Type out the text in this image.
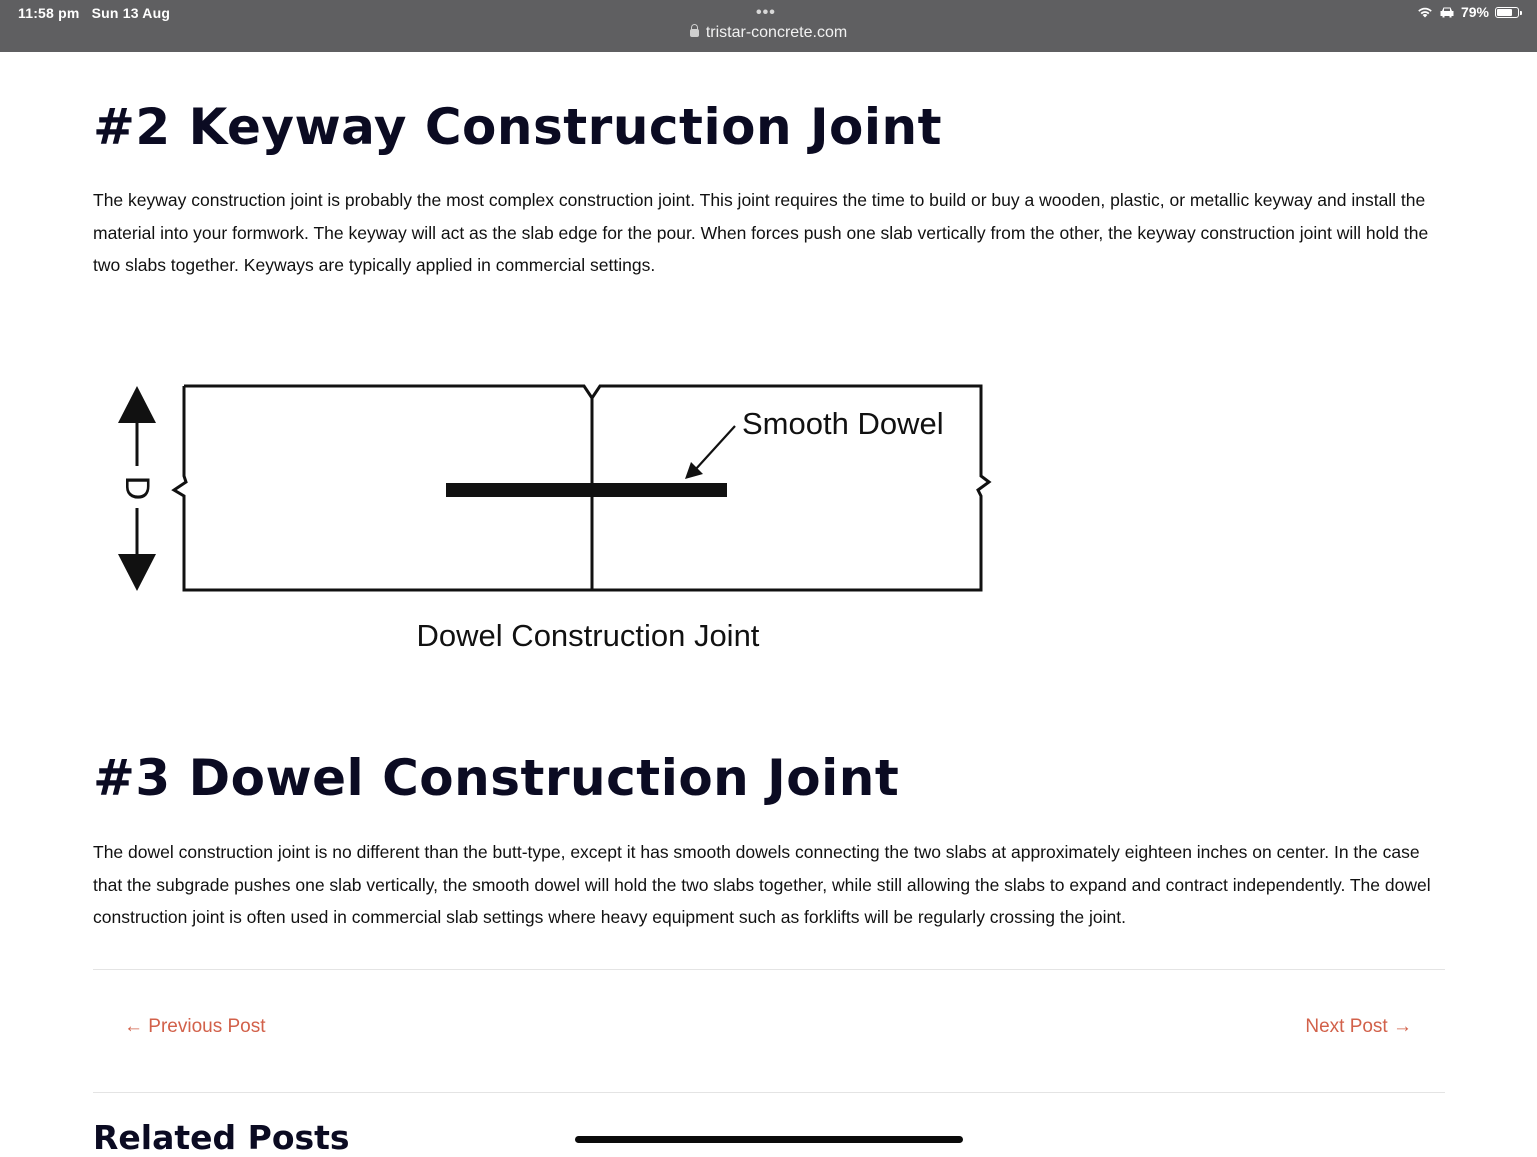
11:58 pm Sun 13 Aug	•••
tristar-concrete.com
79%
#2 Keyway Construction Joint

The keyway construction joint is probably the most complex construction joint. This joint requires the time to build or buy a wooden, plastic, or metallic keyway and install the material into your formwork. The keyway will act as the slab edge for the pour. When forces push one slab vertically from the other, the keyway construction joint will hold the two slabs together. Keyways are typically applied in commercial settings.

Smooth Dowel
D
Dowel Construction Joint
#3 Dowel Construction Joint

The dowel construction joint is no different than the butt-type, except it has smooth dowels connecting the two slabs at approximately eighteen inches on center. In the case that the subgrade pushes one slab vertically, the smooth dowel will hold the two slabs together, while still allowing the slabs to expand and contract independently. The dowel construction joint is often used in commercial slab settings where heavy equipment such as forklifts will be regularly crossing the joint.

← Previous Post	Next Post →
Related Posts
